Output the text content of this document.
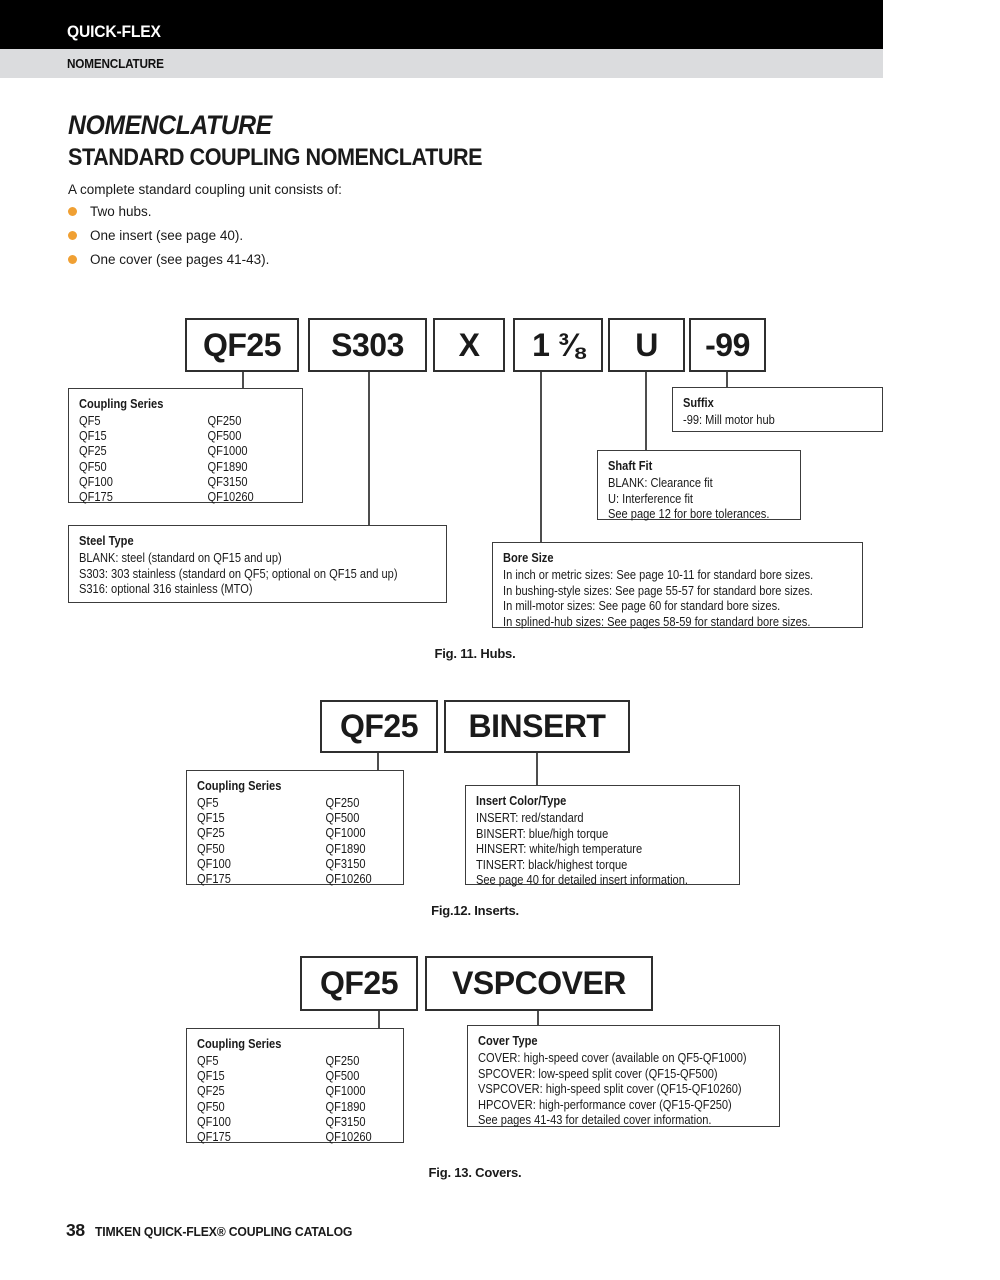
QUICK-FLEX
NOMENCLATURE
NOMENCLATURE
STANDARD COUPLING NOMENCLATURE

A complete standard coupling unit consists of:

Two hubs.
One insert (see page 40).
One cover (see pages 41-43).
QF25 S303 X 1 ⅜ U -99
Coupling Series
QF5
QF15
QF25
QF50
QF100
QF175
QF250
QF500
QF1000
QF1890
QF3150
QF10260
Suffix
-99: Mill motor hub
Shaft Fit
BLANK: Clearance fit
U: Interference fit
See page 12 for bore tolerances.
Steel Type
BLANK: steel (standard on QF15 and up)
S303: 303 stainless (standard on QF5; optional on QF15 and up)
S316: optional 316 stainless (MTO)
Bore Size
In inch or metric sizes: See page 10-11 for standard bore sizes.
In bushing-style sizes: See page 55-57 for standard bore sizes.
In mill-motor sizes: See page 60 for standard bore sizes.
In splined-hub sizes: See pages 58-59 for standard bore sizes.
Fig. 11. Hubs.
QF25 BINSERT
Coupling Series
QF5
QF15
QF25
QF50
QF100
QF175
QF250
QF500
QF1000
QF1890
QF3150
QF10260
Insert Color/Type
INSERT: red/standard
BINSERT: blue/high torque
HINSERT: white/high temperature
TINSERT: black/highest torque
See page 40 for detailed insert information.
Fig.12. Inserts.
QF25 VSPCOVER
Coupling Series
QF5
QF15
QF25
QF50
QF100
QF175
QF250
QF500
QF1000
QF1890
QF3150
QF10260
Cover Type
COVER: high-speed cover (available on QF5-QF1000)
SPCOVER: low-speed split cover (QF15-QF500)
VSPCOVER: high-speed split cover (QF15-QF10260)
HPCOVER: high-performance cover (QF15-QF250)
See pages 41-43 for detailed cover information.
Fig. 13. Covers.
38 TIMKEN QUICK-FLEX® COUPLING CATALOG
